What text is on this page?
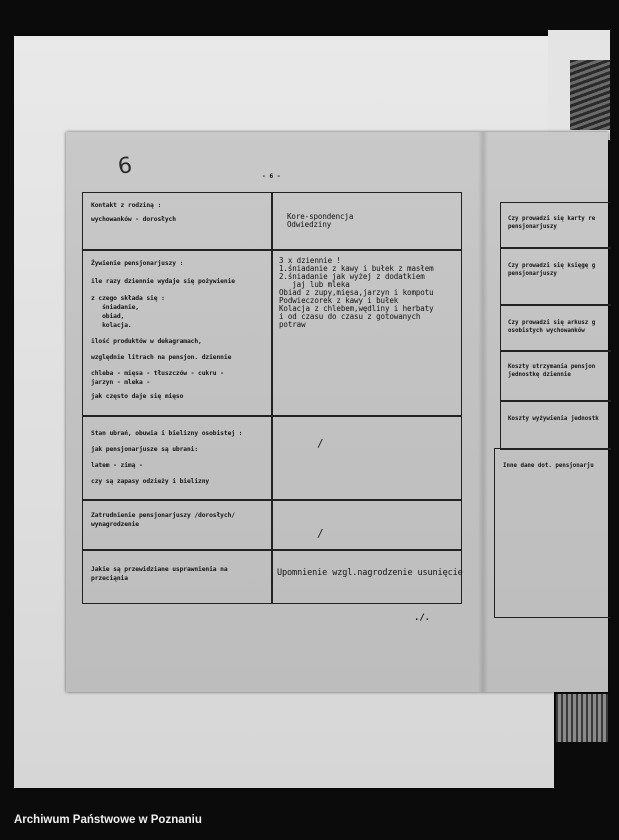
6	- 6 -
Kontakt z rodziną :
wychowanków - dorosłych	Kore-spondencja
Odwiedziny
Żywienie pensjonarjuszy :
ile razy dziennie wydaje się pożywienie
z czego składa się :
śniadanie,
obiad,
kolacja.
ilość produktów w dekagramach,
względnie litrach na pensjon. dziennie
chleba - mięsa - tłuszczów - cukru -
jarzyn - mleka -
jak często daje się mięso
3 x dziennie !
1.śniadanie z kawy i bułek z masłem
2.śniadanie jak wyżej z dodatkiem
jaj lub mleka
Obiad z zupy,mięsa,jarzyn i kompotu
Podwieczorek z kawy i bułek
Kolacja z chlebem,wędliny i herbaty
i od czasu do czasu z gotowanych
potraw
Stan ubrań, obuwia i bielizny osobistej :
jak pensjonarjusze są ubrani:
latem - zimą -
czy są zapasy odzieży i bielizny
/
Zatrudnienie pensjonarjuszy /dorosłych/
wynagrodzenie
/
Jakie są przewidziane usprawnienia na
przeciąnia
Upomnienie wzgl.nagrodzenie usunięcie
Czy prowadzi się karty re
pensjonarjuszy
Czy prowadzi się księgę g
pensjonarjuszy
Czy prowadzi się arkusz g
osobistych wychowanków
Koszty utrzymania pensjon
jednostkę dziennie
Koszty wyżywienia jednostk
Inne dane dot. pensjonarju
./.
Archiwum Państwowe w Poznaniu
